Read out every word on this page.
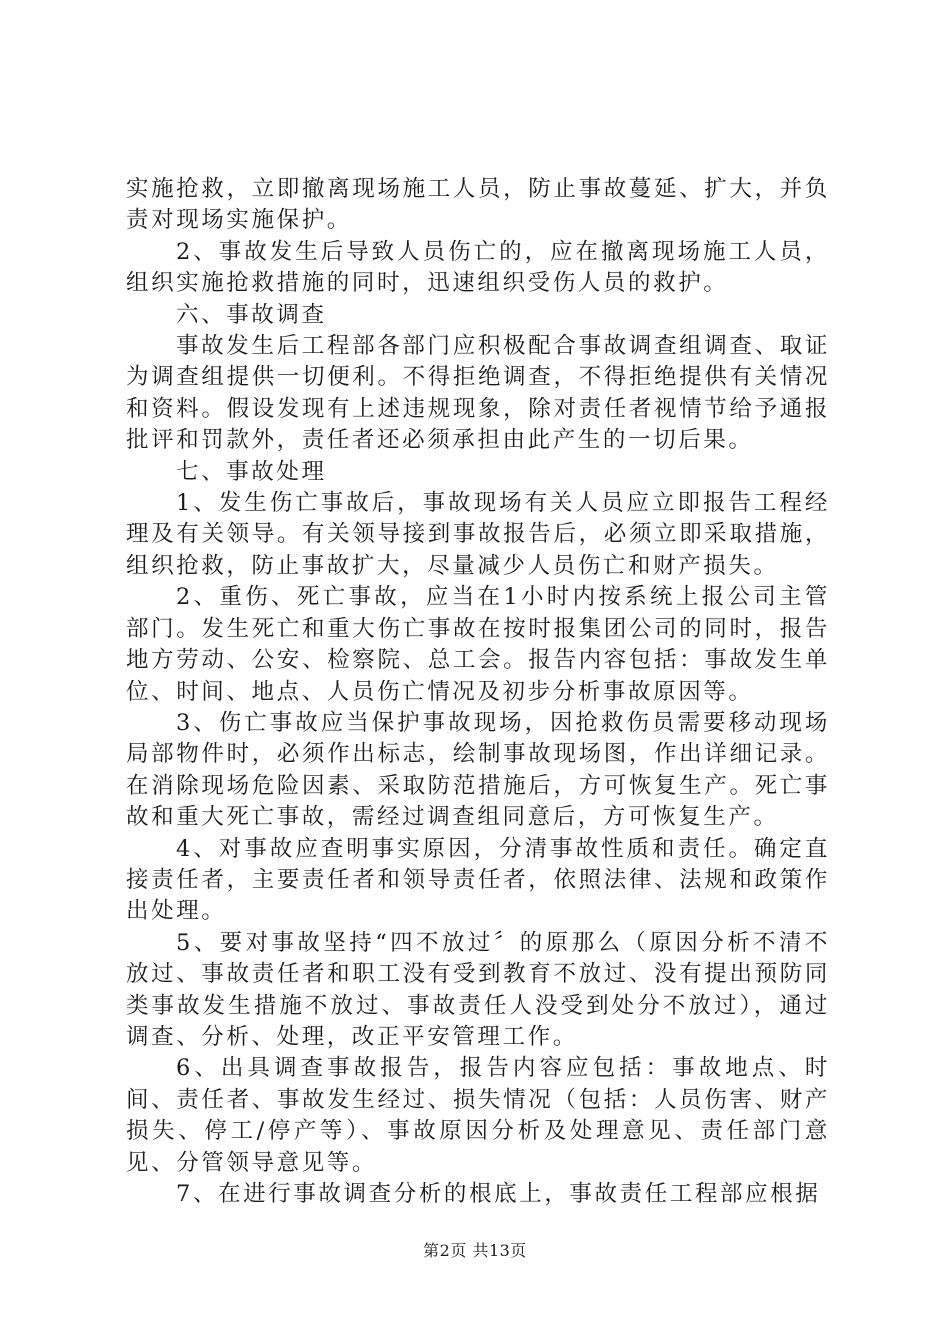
实施抢救，立即撤离现场施工人员，防止事故蔓延、扩大，并负责对现场实施保护。

2、事故发生后导致人员伤亡的，应在撤离现场施工人员，组织实施抢救措施的同时，迅速组织受伤人员的救护。

六、事故调查

事故发生后工程部各部门应积极配合事故调查组调查、取证为调查组提供一切便利。不得拒绝调查，不得拒绝提供有关情况和资料。假设发现有上述违规现象，除对责任者视情节给予通报批评和罚款外，责任者还必须承担由此产生的一切后果。

七、事故处理

1、发生伤亡事故后，事故现场有关人员应立即报告工程经理及有关领导。有关领导接到事故报告后，必须立即采取措施，组织抢救，防止事故扩大，尽量减少人员伤亡和财产损失。

2、重伤、死亡事故，应当在1小时内按系统上报公司主管部门。发生死亡和重大伤亡事故在按时报集团公司的同时，报告地方劳动、公安、检察院、总工会。报告内容包括：事故发生单位、时间、地点、人员伤亡情况及初步分析事故原因等。

3、伤亡事故应当保护事故现场，因抢救伤员需要移动现场局部物件时，必须作出标志，绘制事故现场图，作出详细记录。在消除现场危险因素、采取防范措施后，方可恢复生产。死亡事故和重大死亡事故，需经过调查组同意后，方可恢复生产。

4、对事故应查明事实原因，分清事故性质和责任。确定直接责任者，主要责任者和领导责任者，依照法律、法规和政策作出处理。

5、要对事故坚持“四不放过〞的原那么（原因分析不清不放过、事故责任者和职工没有受到教育不放过、没有提出预防同类事故发生措施不放过、事故责任人没受到处分不放过），通过调查、分析、处理，改正平安管理工作。

6、出具调查事故报告，报告内容应包括：事故地点、时间、责任者、事故发生经过、损失情况（包括：人员伤害、财产损失、停工/停产等）、事故原因分析及处理意见、责任部门意见、分管领导意见等。

7、在进行事故调查分析的根底上，事故责任工程部应根据

第2页 共13页
